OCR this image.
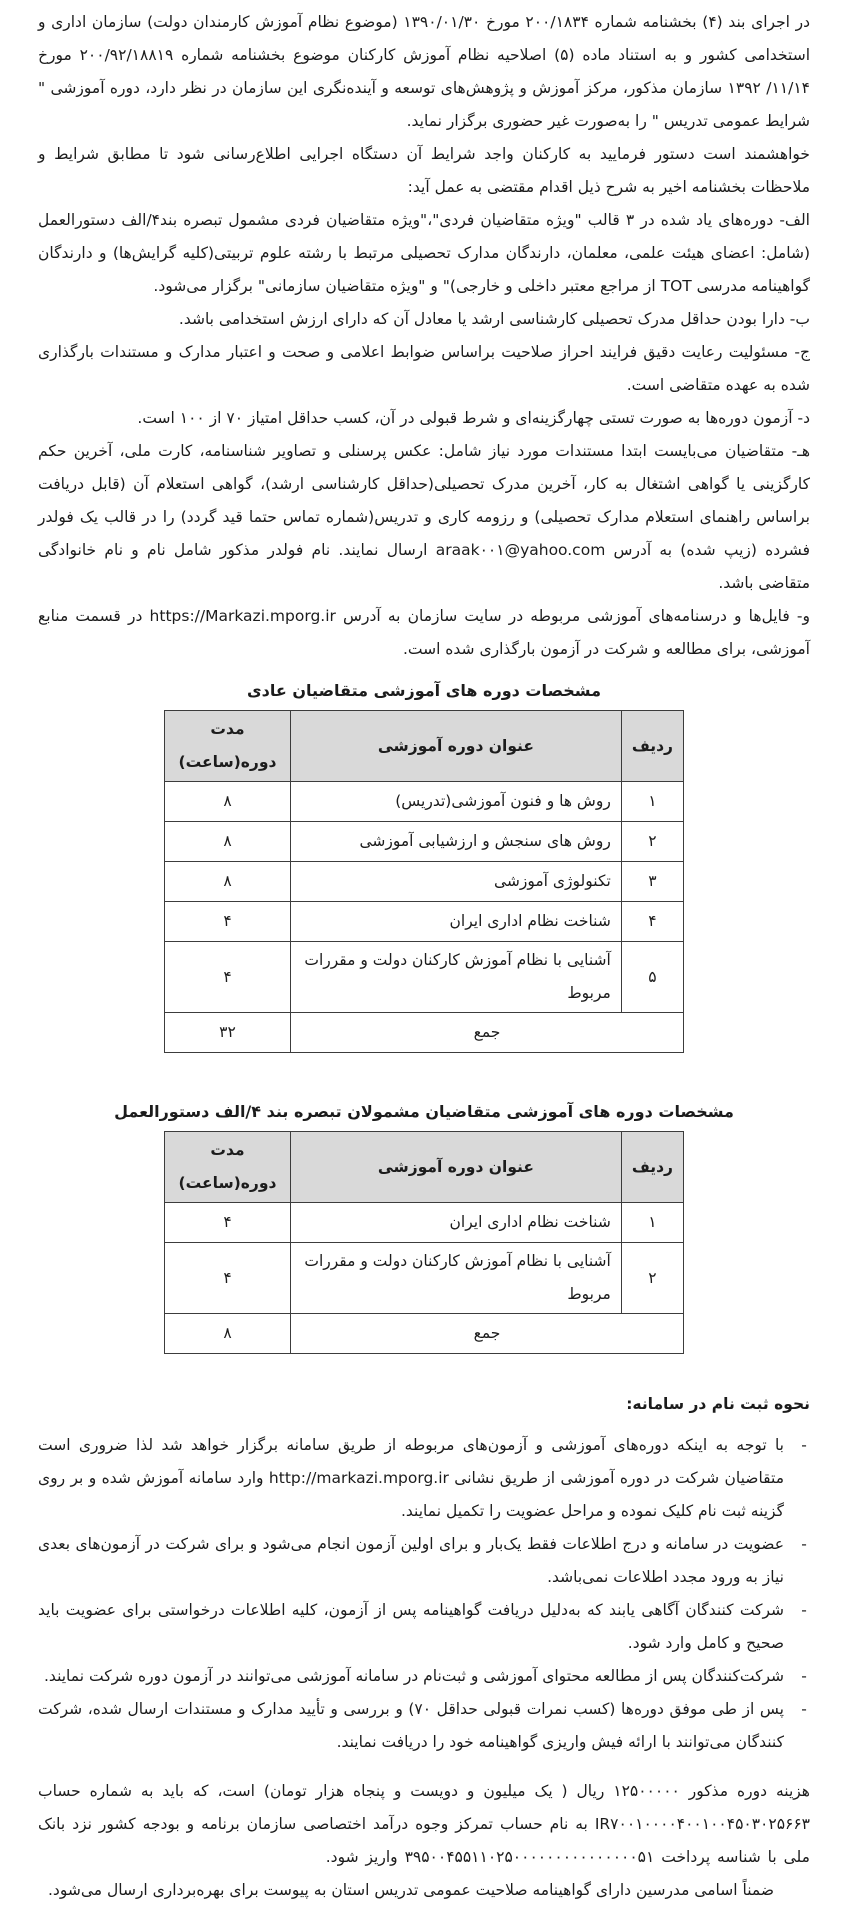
در اجرای بند (۴) بخشنامه شماره ۲۰۰/۱۸۳۴ مورخ ۱۳۹۰/۰۱/۳۰ (موضوع نظام آموزش کارمندان دولت) سازمان اداری و استخدامی کشور و به استناد ماده (۵) اصلاحیه نظام آموزش کارکنان موضوع بخشنامه شماره ۲۰۰/۹۲/۱۸۸۱۹ مورخ ۱۱/۱۴/ ۱۳۹۲ سازمان مذکور، مرکز آموزش و پژوهش‌های توسعه و آینده‌نگری این سازمان در نظر دارد، دوره آموزشی " شرایط عمومی تدریس " را به‌صورت غیر حضوری برگزار نماید.

خواهشمند است دستور فرمایید به کارکنان واجد شرایط آن دستگاه اجرایی اطلاع‌رسانی شود تا مطابق شرایط و ملاحظات بخشنامه اخیر به شرح ذیل اقدام مقتضی به عمل آید:

الف- دوره‌های یاد شده در ۳ قالب "ویژه متقاضیان فردی"،"ویژه متقاضیان فردی مشمول تبصره بند۴/الف دستورالعمل (شامل: اعضای هیئت علمی، معلمان، دارندگان مدارک تحصیلی مرتبط با رشته علوم تربیتی(کلیه گرایش‌ها) و دارندگان گواهینامه مدرسی TOT از مراجع معتبر داخلی و خارجی)" و "ویژه متقاضیان سازمانی" برگزار می‌شود.

ب- دارا بودن حداقل مدرک تحصیلی کارشناسی ارشد یا معادل آن که دارای ارزش استخدامی باشد.

ج- مسئولیت رعایت دقیق فرایند احراز صلاحیت براساس ضوابط اعلامی و صحت و اعتبار مدارک و مستندات بارگذاری شده به عهده متقاضی است.

د- آزمون دوره‌ها به صورت تستی چهارگزینه‌ای و شرط قبولی در آن، کسب حداقل امتیاز ۷۰ از ۱۰۰ است.

هـ- متقاضیان می‌بایست ابتدا مستندات مورد نیاز شامل: عکس پرسنلی و تصاویر شناسنامه، کارت ملی، آخرین حکم کارگزینی یا گواهی اشتغال به کار، آخرین مدرک تحصیلی(حداقل کارشناسی ارشد)، گواهی استعلام آن (قابل دریافت براساس راهنمای استعلام مدارک تحصیلی) و رزومه کاری و تدریس(شماره تماس حتما قید گردد) را در قالب یک فولدر فشرده (زیپ شده) به آدرس araak۰۰۱@yahoo.com ارسال نمایند. نام فولدر مذکور شامل نام و نام خانوادگی متقاضی باشد.

و- فایل‌ها و درسنامه‌های آموزشی مربوطه در سایت سازمان به آدرس https://Markazi.mporg.ir در قسمت منابع آموزشی، برای مطالعه و شرکت در آزمون بارگذاری شده است.

مشخصات دوره های آموزشی متقاضیان عادی
ردیف	عنوان دوره آموزشی	مدت دوره(ساعت)
۱	روش ها و فنون آموزشی(تدریس)	۸
۲	روش های سنجش و ارزشیابی آموزشی	۸
۳	تکنولوژی آموزشی	۸
۴	شناخت نظام اداری ایران	۴
۵	آشنایی با نظام آموزش کارکنان دولت و مقررات مربوط	۴
جمع		۳۲
مشخصات دوره های آموزشی متقاضیان مشمولان تبصره بند ۴/الف دستورالعمل
ردیف	عنوان دوره آموزشی	مدت دوره(ساعت)
۱	شناخت نظام اداری ایران	۴
۲	آشنایی با نظام آموزش کارکنان دولت و مقررات مربوط	۴
جمع		۸
نحوه ثبت نام در سامانه:
-
با توجه به اینکه دوره‌های آموزشی و آزمون‌های مربوطه از طریق سامانه برگزار خواهد شد لذا ضروری است متقاضیان شرکت در دوره آموزشی از طریق نشانی http://markazi.mporg.ir وارد سامانه آموزش شده و بر روی گزینه ثبت نام کلیک نموده و مراحل عضویت را تکمیل نمایند.
-
عضویت در سامانه و درج اطلاعات فقط یک‌بار و برای اولین آزمون انجام می‌شود و برای شرکت در آزمون‌های بعدی نیاز به ورود مجدد اطلاعات نمی‌باشد.
-
شرکت کنندگان آگاهی یابند که به‌دلیل دریافت گواهینامه پس از آزمون، کلیه اطلاعات درخواستی برای عضویت باید صحیح و کامل وارد شود.
-
شرکت‌کنندگان پس از مطالعه محتوای آموزشی و ثبت‌نام در سامانه آموزشی می‌توانند در آزمون دوره شرکت نمایند.
-
پس از طی موفق دوره‌ها (کسب نمرات قبولی حداقل ۷۰) و بررسی و تأیید مدارک و مستندات ارسال شده، شرکت کنندگان می‌توانند با ارائه فیش واریزی گواهینامه خود را دریافت نمایند.

هزینه دوره مذکور ۱۲۵۰۰۰۰۰ ریال ( یک میلیون و دویست و پنجاه هزار تومان) است، که باید به شماره حساب IR۷۰۰۱۰۰۰۰۴۰۰۱۰۰۴۵۰۳۰۲۵۶۶۳ به نام حساب تمرکز وجوه درآمد اختصاصی سازمان برنامه و بودجه کشور نزد بانک ملی با شناسه پرداخت ۳۹۵۰۰۴۵۵۱۱۰۲۵۰۰۰۰۰۰۰۰۰۰۰۰۰۰۰۵۱ واریز شود.

ضمناً اسامی مدرسین دارای گواهینامه صلاحیت عمومی تدریس استان به پیوست برای بهره‌برداری ارسال می‌شود.
